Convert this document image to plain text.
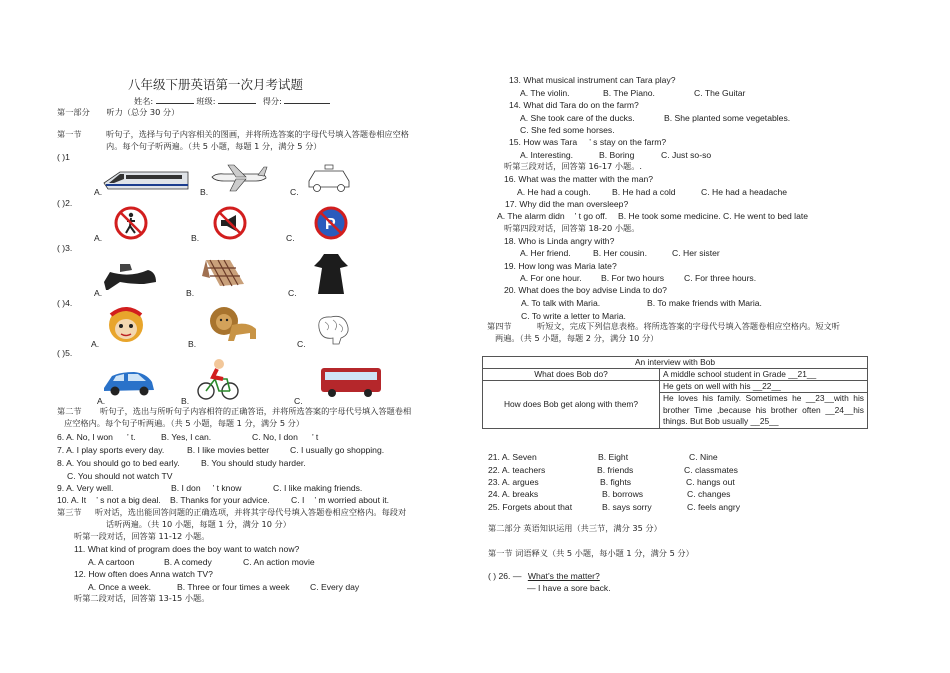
八年级下册英语第一次月考试题
姓名:	班级:	得分:
第一部分 听力（总分 30 分）
第一节	听句子，选择与句子内容相关的图画，并将所选答案的字母代号填入答题卷相应空格
内。每个句子听两遍。（共 5 小题，每题 1 分，满分 5 分）
( )1
A.	B.	C.
( )2.
A.	B.	C.
P
( )3.
A.	B.	C.
( )4.
A.	B.	C.
( )5.
A.	B.	C.
第二节 听句子，选出与所听句子内容相符的正确答语，并将所选答案的字母代号填入答题卷相
应空格内。每个句子听两遍。（共 5 小题，每题 1 分，满分 5 分）
6. A. No, I won ’ t.	B. Yes, I can.	C. No, I don ’ t
7. A. I play sports every day.	B. I like movies better C. I usually go shopping.
8. A. You should go to bed early. B. You should study harder.
C. You should not watch TV
9. A. Very well.	B. I don ’ t know	C. I like making friends.
10. A. It ’ s not a big deal. B. Thanks for your advice. C. I ’ m worried about it.
第三节 听对话，选出能回答问题的正确选项，并将其字母代号填入答题卷相应空格内。每段对
话听两遍。（共 10 小题，每题 1 分，满分 10 分）
听第一段对话，回答第 11-12 小题。
11. What kind of program does the boy want to watch now?
A. A cartoon	B. A comedy	C. An action movie
12. How often does Anna watch TV?
A. Once a week.	B. Three or four times a week C. Every day
听第二段对话，回答第 13-15 小题。
13. What musical instrument can Tara play?
A. The violin.	B. The Piano.	C. The Guitar
14. What did Tara do on the farm?
A. She took care of the ducks.	B. She planted some vegetables.
C. She fed some horses.
15. How was Tara ’ s stay on the farm?
A. Interesting.	B. Boring	C. Just so-so
听第三段对话，回答第 16-17 小题。.
16. What was the matter with the man?
A. He had a cough. B. He had a cold	C. He had a headache
17. Why did the man oversleep?
A. The alarm didn ’ t go off. B. He took some medicine. C. He went to bed late
听第四段对话，回答第 18-20 小题。
18. Who is Linda angry with?
A. Her friend.	B. Her cousin.	C. Her sister
19. How long was Maria late?
A. For one hour. B. For two hours C. For three hours.
20. What does the boy advise Linda to do?
A. To talk with Maria.	B. To make friends with Maria.
C. To write a letter to Maria.
第四节	听短文，完成下列信息表格。将所选答案的字母代号填入答题卷相应空格内。短文听
两遍。（共 5 小题，每题 2 分，满分 10 分）
An interview with Bob	
What does Bob do?	A middle school student in Grade __21__
How does Bob get along with them?	He gets on well with his __22__
	He loves his family. Sometimes he __23__with his brother Time ,because his brother often __24__his things. But Bob usually __25__
21. A. Seven	B. Eight	C. Nine
22. A. teachers	B. friends	C. classmates
23. A. argues	B. fights	C. hangs out
24. A. breaks	B. borrows	C. changes
25. Forgets about that	B. says sorry	C. feels angry
第二部分 英语知识运用（共三节，满分 35 分）
第一节 词语释义（共 5 小题，每小题 1 分，满分 5 分）
( ) 26. — What’s the matter?
— I have a sore back.
